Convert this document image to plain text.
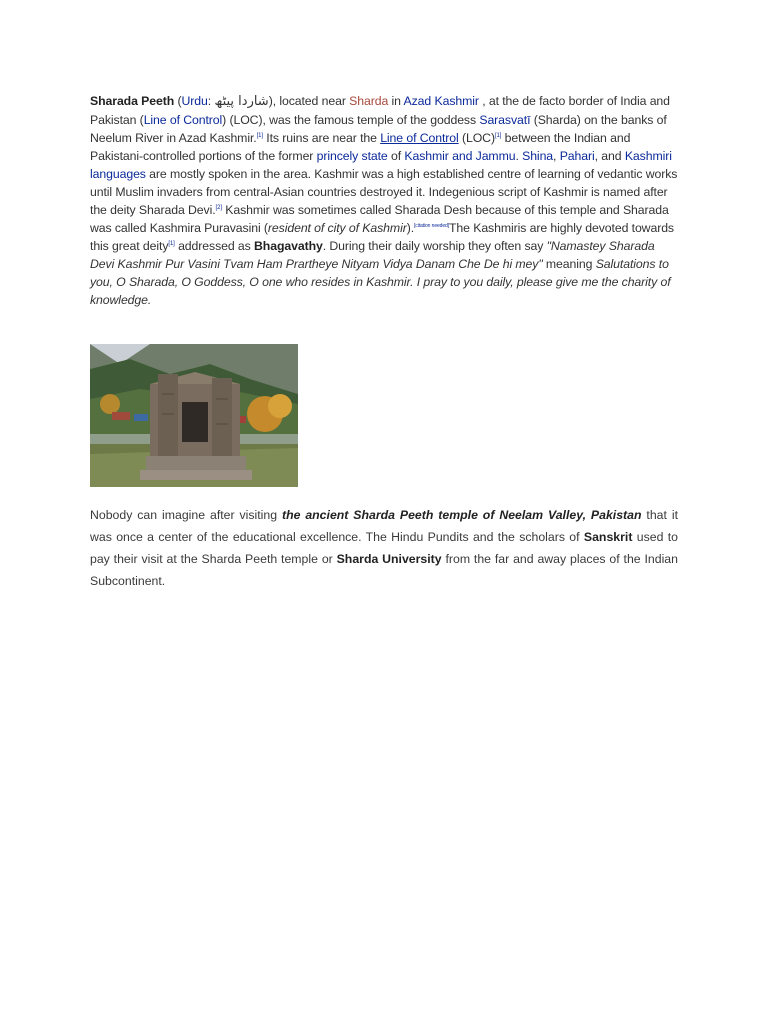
Sharada Peeth (Urdu: شاردا پیٹھ), located near Sharda in Azad Kashmir , at the de facto border of India and Pakistan (Line of Control) (LOC), was the famous temple of the goddess Sarasvatī (Sharda) on the banks of Neelum River in Azad Kashmir.[1] Its ruins are near the Line of Control (LOC)[1] between the Indian and Pakistani-controlled portions of the former princely state of Kashmir and Jammu. Shina, Pahari, and Kashmiri languages are mostly spoken in the area. Kashmir was a high established centre of learning of vedantic works until Muslim invaders from central-Asian countries destroyed it. Indegenious script of Kashmir is named after the deity Sharada Devi.[2] Kashmir was sometimes called Sharada Desh because of this temple and Sharada was called Kashmira Puravasini (resident of city of Kashmir).[citation needed]The Kashmiris are highly devoted towards this great deity[1] addressed as Bhagavathy. During their daily worship they often say "Namastey Sharada Devi Kashmir Pur Vasini Tvam Ham Prartheye Nityam Vidya Danam Che De hi mey" meaning Salutations to you, O Sharada, O Goddess, O one who resides in Kashmir. I pray to you daily, please give me the charity of knowledge.

Nobody can imagine after visiting the ancient Sharda Peeth temple of Neelam Valley, Pakistan that it was once a center of the educational excellence. The Hindu Pundits and the scholars of Sanskrit used to pay their visit at the Sharda Peeth temple or Sharda University from the far and away places of the Indian Subcontinent.
